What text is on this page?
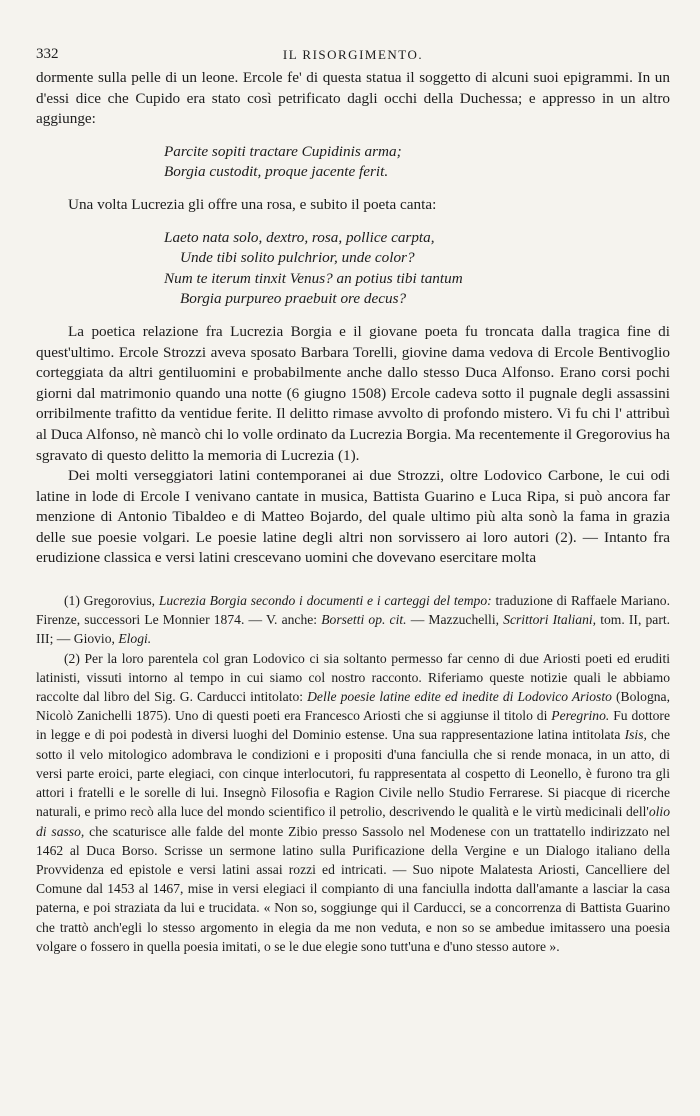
332	IL RISORGIMENTO.

dormente sulla pelle di un leone. Ercole fe' di questa statua il soggetto di alcuni suoi epigrammi. In un d'essi dice che Cupido era stato così petrificato dagli occhi della Duchessa; e appresso in un altro aggiunge:

Parcite sopiti tractare Cupidinis arma;
Borgia custodit, proque jacente ferit.

Una volta Lucrezia gli offre una rosa, e subito il poeta canta:

Laeto nata solo, dextro, rosa, pollice carpta,
Unde tibi solito pulchrior, unde color?
Num te iterum tinxit Venus? an potius tibi tantum
Borgia purpureo praebuit ore decus?

La poetica relazione fra Lucrezia Borgia e il giovane poeta fu troncata dalla tragica fine di quest'ultimo. Ercole Strozzi aveva sposato Barbara Torelli, giovine dama vedova di Ercole Bentivoglio corteggiata da altri gentiluomini e probabilmente anche dallo stesso Duca Alfonso. Erano corsi pochi giorni dal matrimonio quando una notte (6 giugno 1508) Ercole cadeva sotto il pugnale degli assassini orribilmente trafitto da ventidue ferite. Il delitto rimase avvolto di profondo mistero. Vi fu chi l' attribuì al Duca Alfonso, nè mancò chi lo volle ordinato da Lucrezia Borgia. Ma recentemente il Gregorovius ha sgravato di questo delitto la memoria di Lucrezia (1).

Dei molti verseggiatori latini contemporanei ai due Strozzi, oltre Lodovico Carbone, le cui odi latine in lode di Ercole I venivano cantate in musica, Battista Guarino e Luca Ripa, si può ancora far menzione di Antonio Tibaldeo e di Matteo Bojardo, del quale ultimo più alta sonò la fama in grazia delle sue poesie volgari. Le poesie latine degli altri non sorvissero ai loro autori (2). — Intanto fra erudizione classica e versi latini crescevano uomini che dovevano esercitare molta

(1) Gregorovius, Lucrezia Borgia secondo i documenti e i carteggi del tempo: traduzione di Raffaele Mariano. Firenze, successori Le Monnier 1874. — V. anche: Borsetti op. cit. — Mazzuchelli, Scrittori Italiani, tom. II, part. III; — Giovio, Elogi.

(2) Per la loro parentela col gran Lodovico ci sia soltanto permesso far cenno di due Ariosti poeti ed eruditi latinisti, vissuti intorno al tempo in cui siamo col nostro racconto. Riferiamo queste notizie quali le abbiamo raccolte dal libro del Sig. G. Carducci intitolato: Delle poesie latine edite ed inedite di Lodovico Ariosto (Bologna, Nicolò Zanichelli 1875). Uno di questi poeti era Francesco Ariosti che si aggiunse il titolo di Peregrino. Fu dottore in legge e di poi podestà in diversi luoghi del Dominio estense. Una sua rappresentazione latina intitolata Isis, che sotto il velo mitologico adombrava le condizioni e i propositi d'una fanciulla che si rende monaca, in un atto, di versi parte eroici, parte elegiaci, con cinque interlocutori, fu rappresentata al cospetto di Leonello, è furono tra gli attori i fratelli e le sorelle di lui. Insegnò Filosofia e Ragion Civile nello Studio Ferrarese. Si piacque di ricerche naturali, e primo recò alla luce del mondo scientifico il petrolio, descrivendo le qualità e le virtù medicinali dell'olio di sasso, che scaturisce alle falde del monte Zibio presso Sassolo nel Modenese con un trattatello indirizzato nel 1462 al Duca Borso. Scrisse un sermone latino sulla Purificazione della Vergine e un Dialogo italiano della Provvidenza ed epistole e versi latini assai rozzi ed intricati. — Suo nipote Malatesta Ariosti, Cancelliere del Comune dal 1453 al 1467, mise in versi elegiaci il compianto di una fanciulla indotta dall'amante a lasciar la casa paterna, e poi straziata da lui e trucidata. « Non so, soggiunge qui il Carducci, se a concorrenza di Battista Guarino che trattò anch'egli lo stesso argomento in elegia da me non veduta, e non so se ambedue imitassero una poesia volgare o fossero in quella poesia imitati, o se le due elegie sono tutt'una e d'uno stesso autore ».
